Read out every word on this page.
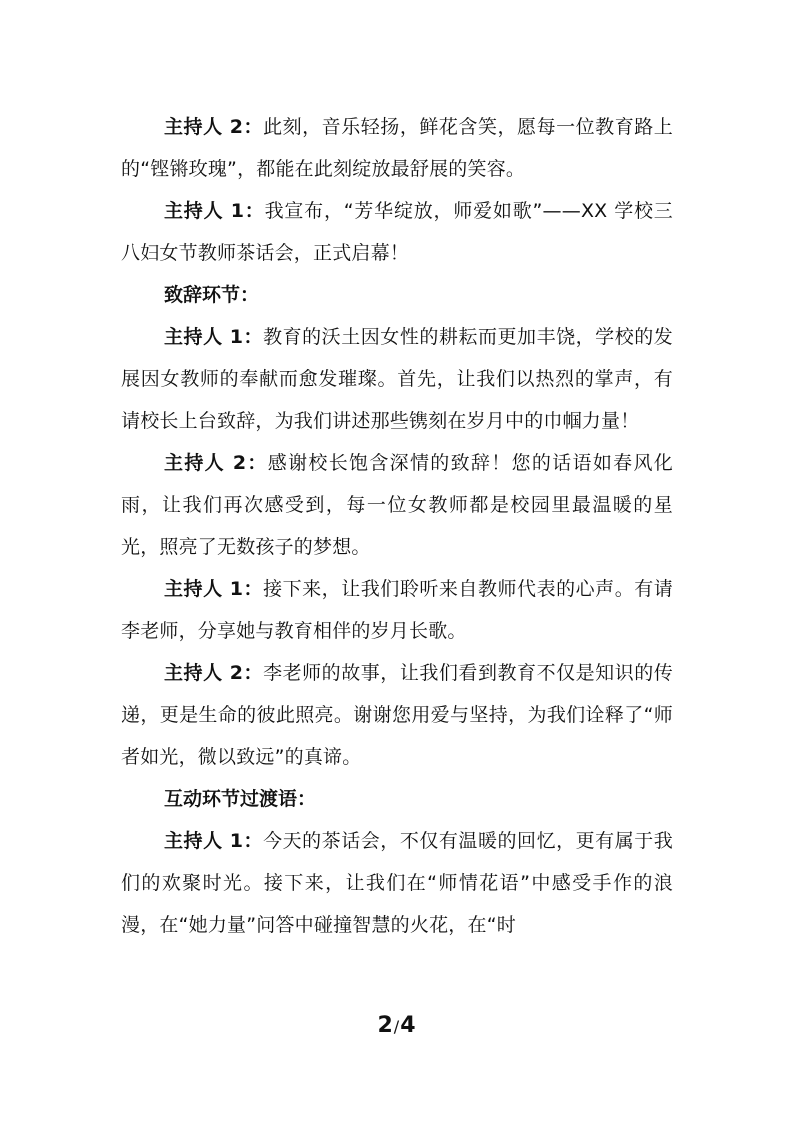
主持人 2：此刻，音乐轻扬，鲜花含笑，愿每一位教育路上的“铿锵玫瑰”，都能在此刻绽放最舒展的笑容。

主持人 1：我宣布，“芳华绽放，师爱如歌”——XX 学校三八妇女节教师茶话会，正式启幕！

致辞环节：

主持人 1：教育的沃土因女性的耕耘而更加丰饶，学校的发展因女教师的奉献而愈发璀璨。首先，让我们以热烈的掌声，有请校长上台致辞，为我们讲述那些镌刻在岁月中的巾帼力量！

主持人 2：感谢校长饱含深情的致辞！您的话语如春风化雨，让我们再次感受到，每一位女教师都是校园里最温暖的星光，照亮了无数孩子的梦想。

主持人 1：接下来，让我们聆听来自教师代表的心声。有请李老师，分享她与教育相伴的岁月长歌。

主持人 2：李老师的故事，让我们看到教育不仅是知识的传递，更是生命的彼此照亮。谢谢您用爱与坚持，为我们诠释了“师者如光，微以致远”的真谛。

互动环节过渡语：

主持人 1：今天的茶话会，不仅有温暖的回忆，更有属于我们的欢聚时光。接下来，让我们在“师情花语”中感受手作的浪漫，在“她力量”问答中碰撞智慧的火花，在“时

2/4
